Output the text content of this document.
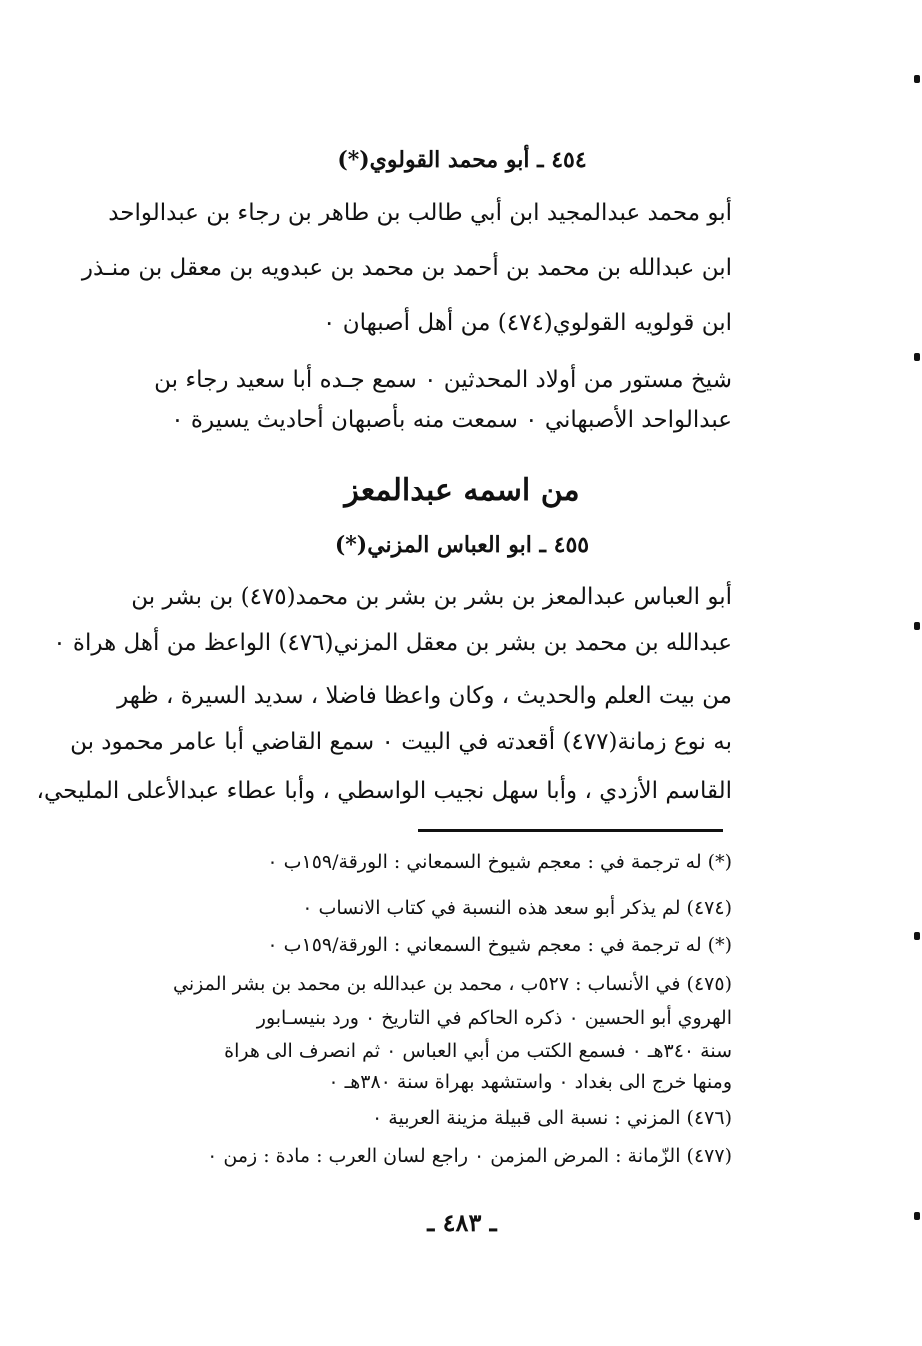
٤٥٤ ـ أبو محمد القولوي(*)
أبو محمد عبدالمجيد ابن أبي طالب بن طاهر بن رجاء بن عبدالواحد
ابن عبدالله بن محمد بن أحمد بن محمد بن عبدويه بن معقل بن منـذر
ابن قولويه القولوي(٤٧٤) من أهل أصبهان ٠
شيخ مستور من أولاد المحدثين ٠ سمع جـده أبا سعيد رجاء بن
عبدالواحد الأصبهاني ٠ سمعت منه بأصبهان أحاديث يسيرة ٠
من اسمه عبدالمعز
٤٥٥ ـ ابو العباس المزني(*)
أبو العباس عبدالمعز بن بشر بن بشر بن محمد(٤٧٥) بن بشر بن
عبدالله بن محمد بن بشر بن معقل المزني(٤٧٦) الواعظ من أهل هراة ٠
من بيت العلم والحديث ، وكان واعظا فاضلا ، سديد السيرة ، ظهر
به نوع زمانة(٤٧٧) أقعدته في البيت ٠ سمع القاضي أبا عامر محمود بن
القاسم الأزدي ، وأبا سهل نجيب الواسطي ، وأبا عطاء عبدالأعلى المليحي،
(*) له ترجمة في : معجم شيوخ السمعاني : الورقة/١٥٩ب ٠
(٤٧٤) لم يذكر أبو سعد هذه النسبة في كتاب الانساب ٠
(*) له ترجمة في : معجم شيوخ السمعاني : الورقة/١٥٩ب ٠
(٤٧٥) في الأنساب : ٥٢٧ب ، محمد بن عبدالله بن محمد بن بشر المزني
الهروي أبو الحسين ٠ ذكره الحاكم في التاريخ ٠ ورد بنيسـابور
سنة ٣٤٠هـ ٠ فسمع الكتب من أبي العباس ٠ ثم انصرف الى هراة
ومنها خرج الى بغداد ٠ واستشهد بهراة سنة ٣٨٠هـ ٠
(٤٧٦) المزني : نسبة الى قبيلة مزينة العربية ٠
(٤٧٧) الزّمانة : المرض المزمن ٠ راجع لسان العرب : مادة : زمن ٠
ـ ٤٨٣ ـ
